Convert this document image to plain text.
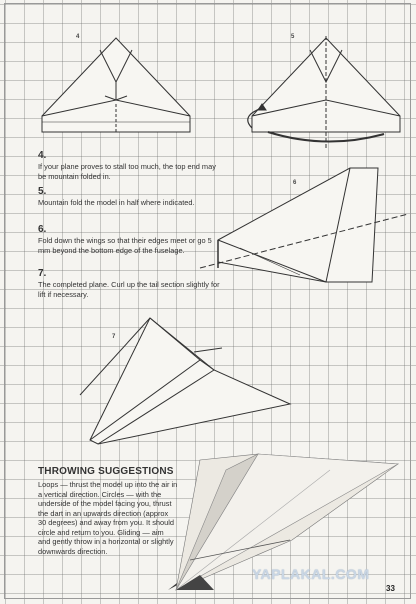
4	5
6
7
4.
If your plane proves to stall too much, the top end may be mountain folded in.
5.
Mountain fold the model in half where indicated.
6.
Fold down the wings so that their edges meet or go 5 mm beyond the bottom edge of the fuselage.
7.
The completed plane. Curl up the tail section slightly for lift if necessary.
THROWING SUGGESTIONS
Loops — thrust the model up into the air in a vertical direction. Circles — with the underside of the model facing you, thrust the dart in an upwards direction (approx 30 degrees) and away from you. It should circle and return to you. Gliding — aim and gently throw in a horizontal or slightly downwards direction.
YAPLAKAL.COM
33
